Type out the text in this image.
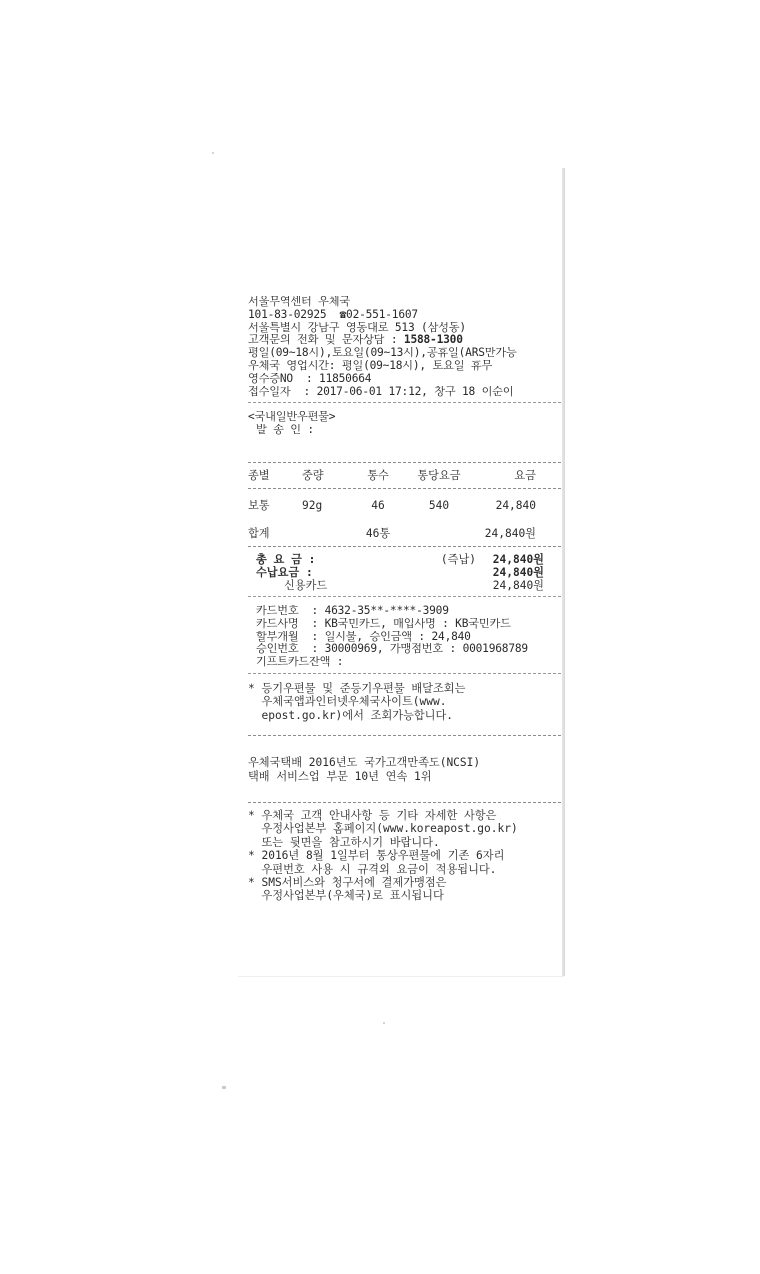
서울무역센터 우체국
101-83-02925  ☎02-551-1607
서울특별시 강남구 영동대로 513 (삼성동)
고객문의 전화 및 문자상담 : 1588-1300
평일(09~18시),토요일(09~13시),공휴일(ARS만가능
우체국 영업시간: 평일(09~18시), 토요일 휴무
영수증NO  : 11850664
접수일자  : 2017-06-01 17:12, 창구 18 이순이
<국내일반우편물>
발 송 인 :
종별	중량	통수	통당요금	요금
보통	92g	46	540	24,840
합계	46통	24,840원
총 요 금 :	(즉납)	24,840원
수납요금 :	24,840원
신용카드	24,840원
카드번호  : 4632-35**-****-3909
카드사명  : KB국민카드, 매입사명 : KB국민카드
할부개월  : 일시불, 승인금액 : 24,840
승인번호  : 30000969, 가맹점번호 : 0001968789
기프트카드잔액 :
* 등기우편물 및 준등기우편물 배달조회는
우체국앱과인터넷우체국사이트(www.
epost.go.kr)에서 조회가능합니다.
우체국택배 2016년도 국가고객만족도(NCSI)
택배 서비스업 부문 10년 연속 1위
* 우체국 고객 안내사항 등 기타 자세한 사항은
우정사업본부 홈페이지(www.koreapost.go.kr)
또는 뒷면을 참고하시기 바랍니다.
* 2016년 8월 1일부터 통상우편물에 기존 6자리
우편번호 사용 시 규격외 요금이 적용됩니다.
* SMS서비스와 청구서에 결제가맹점은
우정사업본부(우체국)로 표시됩니다
